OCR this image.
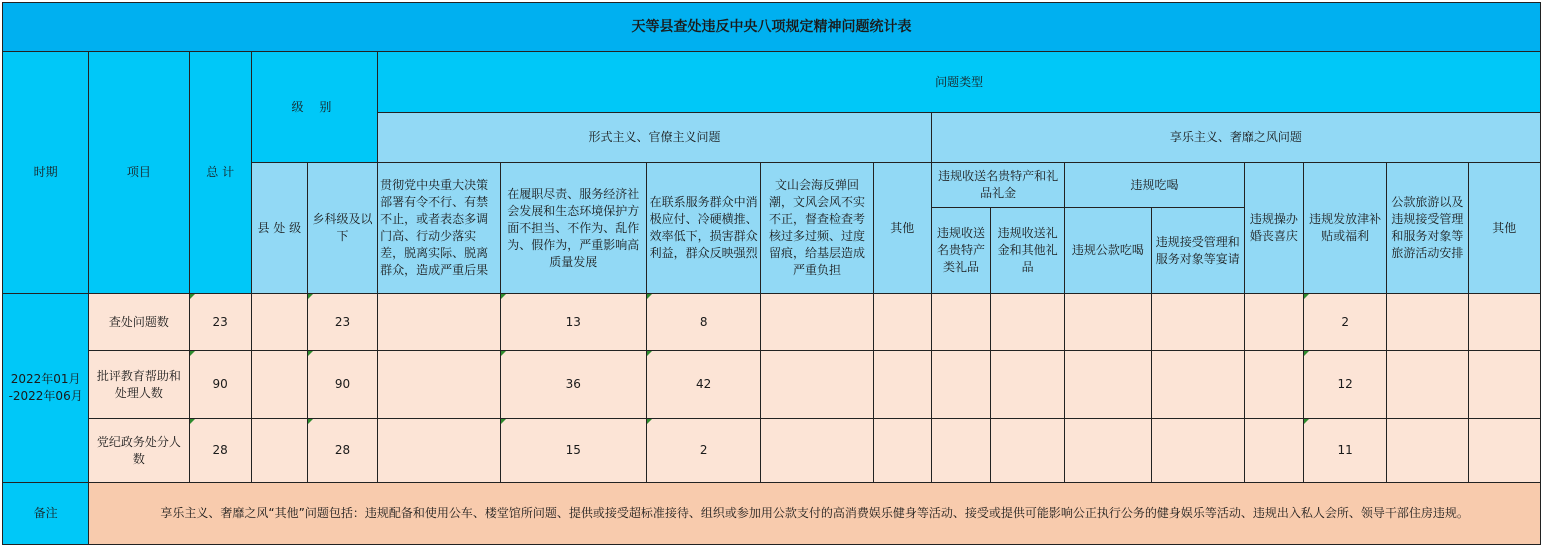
天等县查处违反中央八项规定精神问题统计表																	
时期	项目	总 计	级 别		问题类型												
					形式主义、官僚主义问题					享乐主义、奢靡之风问题							
			县 处 级	乡科级及以下	贯彻党中央重大决策部署有令不行、有禁不止，或者表态多调门高、行动少落实差，脱离实际、脱离群众，造成严重后果	在履职尽责、服务经济社会发展和生态环境保护方面不担当、不作为、乱作为、假作为，严重影响高质量发展	在联系服务群众中消极应付、冷硬横推、效率低下，损害群众利益，群众反映强烈	文山会海反弹回潮，文风会风不实不正，督查检查考核过多过频、过度留痕，给基层造成严重负担	其他	违规收送名贵特产和礼品礼金		违规吃喝		违规操办婚丧喜庆	违规发放津补贴或福利	公款旅游以及违规接受管理和服务对象等旅游活动安排	其他
										违规收送名贵特产类礼品	违规收送礼金和其他礼品	违规公款吃喝	违规接受管理和服务对象等宴请				
2022年01月 -2022年06月	查处问题数	23		23		13	8								2		
	批评教育帮助和处理人数	90		90		36	42								12		
	党纪政务处分人数	28		28		15	2								11		
备注	享乐主义、奢靡之风“其他”问题包括：违规配备和使用公车、楼堂馆所问题、提供或接受超标准接待、组织或参加用公款支付的高消费娱乐健身等活动、接受或提供可能影响公正执行公务的健身娱乐等活动、违规出入私人会所、领导干部住房违规。																
